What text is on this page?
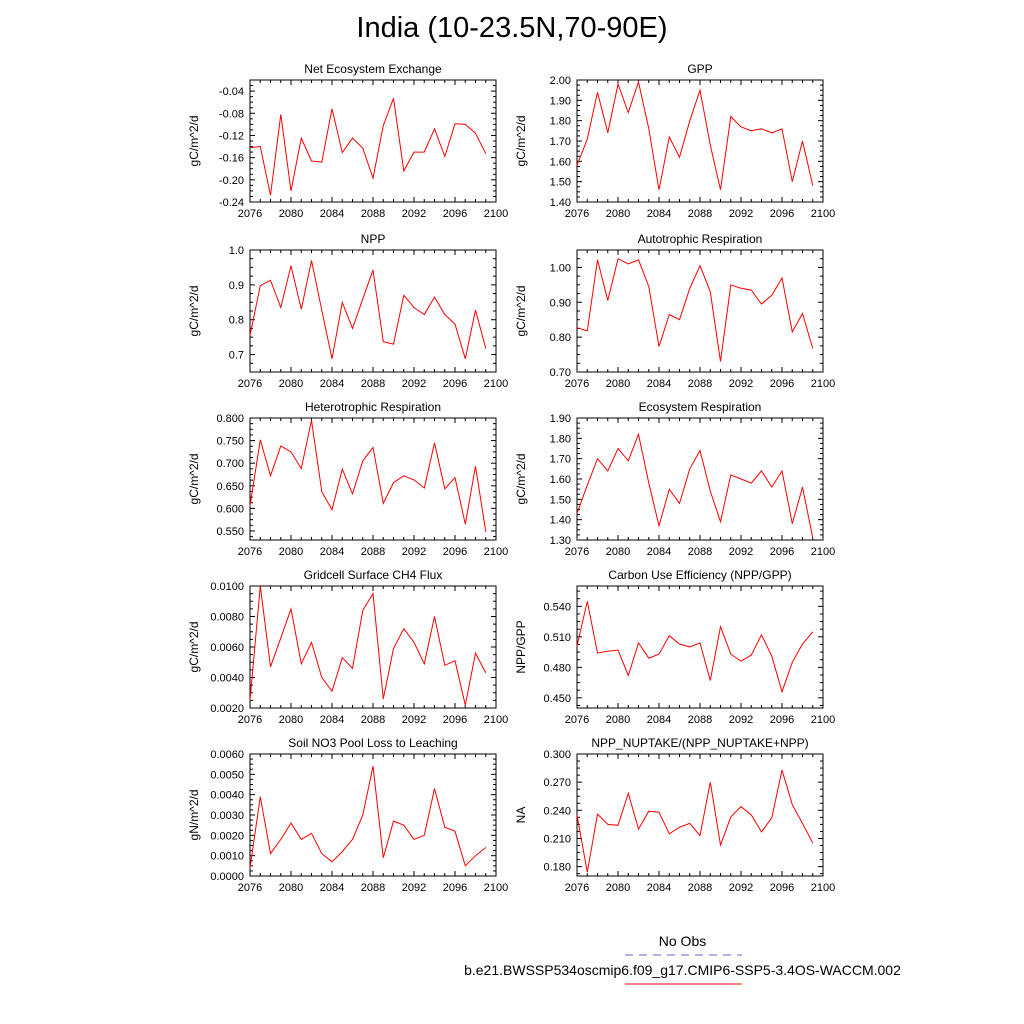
India (10-23.5N,70-90E)
Net Ecosystem Exchange
gC/m^2/d
2076 2080 2084 2088 2092 2096 2100
-0.24
-0.20
-0.16
-0.12
-0.08
-0.04
GPP
gC/m^2/d
2076 2080 2084 2088 2092 2096 2100
1.40
1.50
1.60
1.70
1.80
1.90
2.00
NPP
gC/m^2/d
2076 2080 2084 2088 2092 2096 2100
0.7
0.8
0.9
1.0
Autotrophic Respiration
gC/m^2/d
2076 2080 2084 2088 2092 2096 2100
0.70
0.80
0.90
1.00
Heterotrophic Respiration
gC/m^2/d
2076 2080 2084 2088 2092 2096 2100
0.550
0.600
0.650
0.700
0.750
0.800
Ecosystem Respiration
gC/m^2/d
2076 2080 2084 2088 2092 2096 2100
1.30
1.40
1.50
1.60
1.70
1.80
1.90
Gridcell Surface CH4 Flux
gC/m^2/d
2076 2080 2084 2088 2092 2096 2100
0.0020
0.0040
0.0060
0.0080
0.0100
Carbon Use Efficiency (NPP/GPP)
NPP/GPP
2076 2080 2084 2088 2092 2096 2100
0.450
0.480
0.510
0.540
Soil NO3 Pool Loss to Leaching
gN/m^2/d
2076 2080 2084 2088 2092 2096 2100
0.0000
0.0010
0.0020
0.0030
0.0040
0.0050
0.0060
NPP_NUPTAKE/(NPP_NUPTAKE+NPP)
NA
2076 2080 2084 2088 2092 2096 2100
0.180
0.210
0.240
0.270
0.300
No Obs
b.e21.BWSSP534oscmip6.f09_g17.CMIP6-SSP5-3.4OS-WACCM.002
